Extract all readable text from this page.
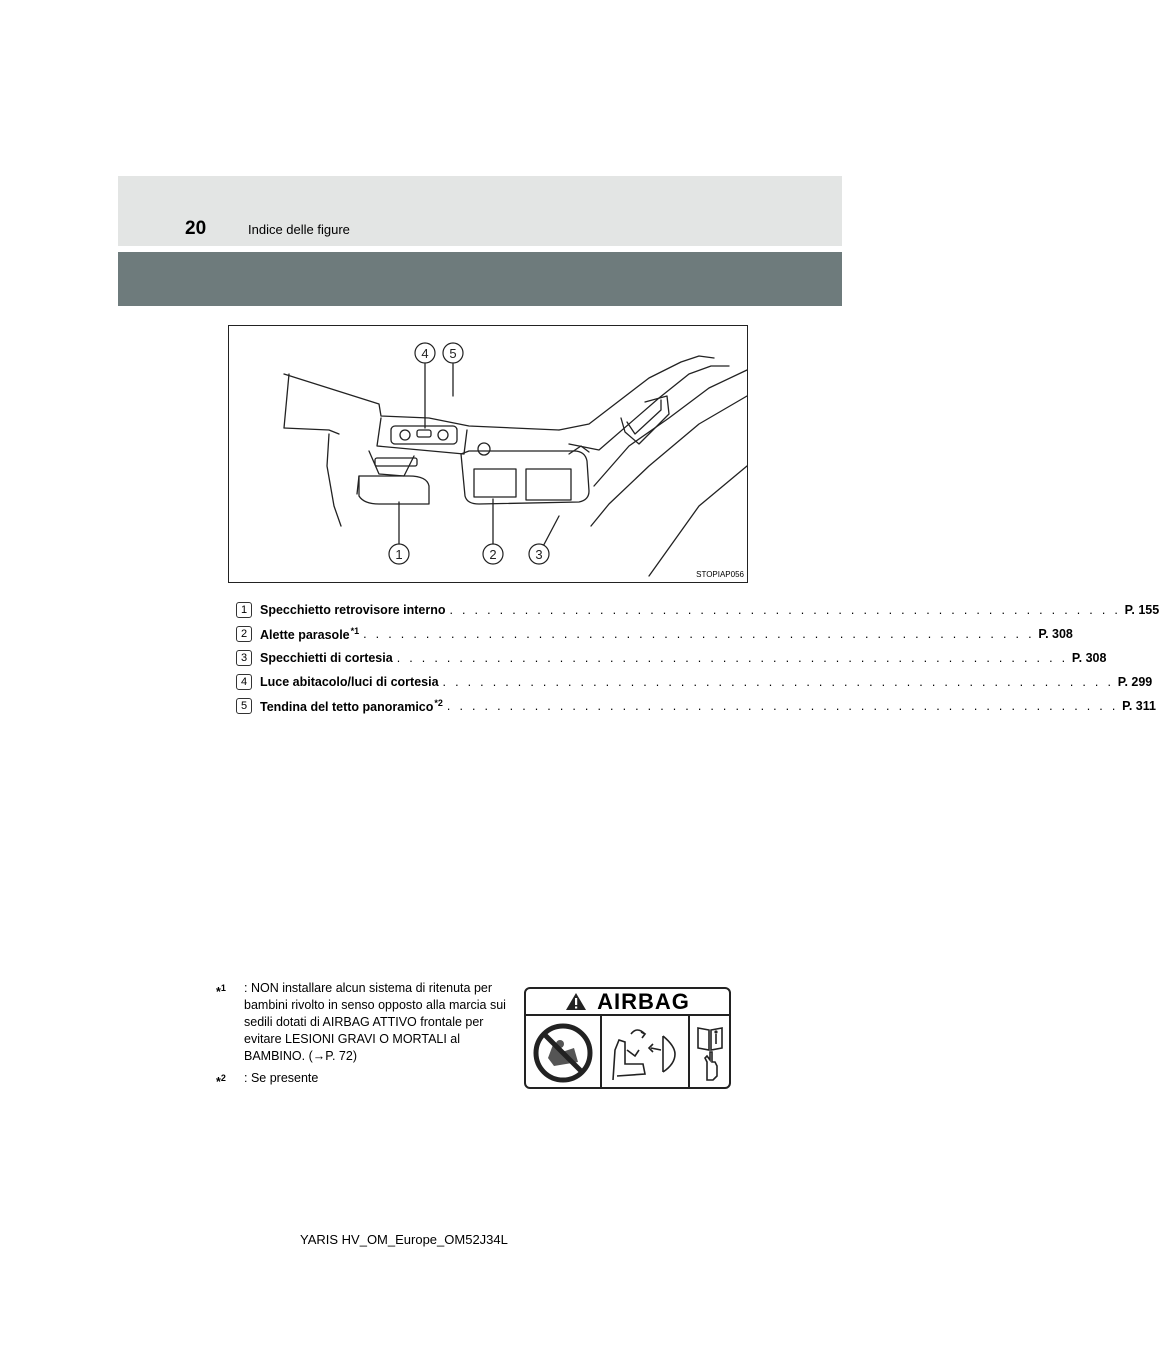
20	Indice delle figure
4 5
1	2	3
STOPIAP056
1	Specchietto retrovisore interno . . . . . . . . . . . . . . . . . . . . . . . . . . . . . . . . . . . . . . . . . . . . . . . . . . . . . . P. 155
2	Alette parasole$^{*1}$ . . . . . . . . . . . . . . . . . . . . . . . . . . . . . . . . . . . . . . . . . . . . . . . . . . . . . . P. 308
3	Specchietti di cortesia . . . . . . . . . . . . . . . . . . . . . . . . . . . . . . . . . . . . . . . . . . . . . . . . . . . . . . P. 308
4	Luce abitacolo/luci di cortesia . . . . . . . . . . . . . . . . . . . . . . . . . . . . . . . . . . . . . . . . . . . . . . . . . . . . . . P. 299
5	Tendina del tetto panoramico$^{*2}$ . . . . . . . . . . . . . . . . . . . . . . . . . . . . . . . . . . . . . . . . . . . . . . . . . . . . . . P. 311
*$^1$ : NON installare alcun sistema di ritenuta per bambini rivolto in senso opposto alla marcia sui sedili dotati di AIRBAG ATTIVO frontale per evitare LESIONI GRAVI O MORTALI al BAMBINO. (→P. 72)
*$^2$ : Se presente
AIRBAG
YARIS HV_OM_Europe_OM52J34L
